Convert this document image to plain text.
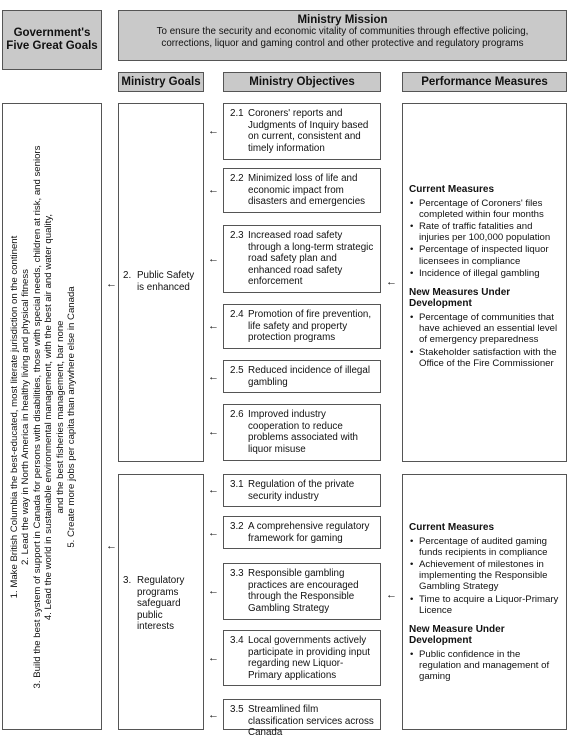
Government's Five Great Goals
Ministry Mission
To ensure the security and economic vitality of communities through effective policing, corrections, liquor and gaming control and other protective and regulatory programs
Ministry Goals	Ministry Objectives	Performance Measures
1. Make British Columbia the best-educated, most literate jurisdiction on the continent 2. Lead the way in North America in healthy living and physical fitness 3. Build the best system of support in Canada for persons with disabilities, those with special needs, children at risk, and seniors 4. Lead the world in sustainable environmental management, with the best air and water quality, and the best fisheries management, bar none 5. Create more jobs per capita than anywhere else in Canada
←
←
2. Public Safety is enhanced
3. Regulatory programs safeguard public interests
2.1 Coroners' reports and Judgments of Inquiry based on current, consistent and timely information
2.2 Minimized loss of life and economic impact from disasters and emergencies
2.3 Increased road safety through a long-term strategic road safety plan and enhanced road safety enforcement
2.4 Promotion of fire prevention, life safety and property protection programs
2.5 Reduced incidence of illegal gambling
2.6 Improved industry cooperation to reduce problems associated with liquor misuse
3.1 Regulation of the private security industry
3.2 A comprehensive regulatory framework for gaming
3.3 Responsible gambling practices are encouraged through the Responsible Gambling Strategy
3.4 Local governments actively participate in providing input regarding new Liquor-Primary applications
3.5 Streamlined film classification services across Canada
←
←
←
←
←
←
←
←
←
←
←
←
←
Current Measures
• Percentage of Coroners' files completed within four months
• Rate of traffic fatalities and injuries per 100,000 population
• Percentage of inspected liquor licensees in compliance
• Incidence of illegal gambling
New Measures Under Development
• Percentage of communities that have achieved an essential level of emergency preparedness
• Stakeholder satisfaction with the Office of the Fire Commissioner
Current Measures
• Percentage of audited gaming funds recipients in compliance
• Achievement of milestones in implementing the Responsible Gambling Strategy
• Time to acquire a Liquor-Primary Licence
New Measure Under Development
• Public confidence in the regulation and management of gaming
